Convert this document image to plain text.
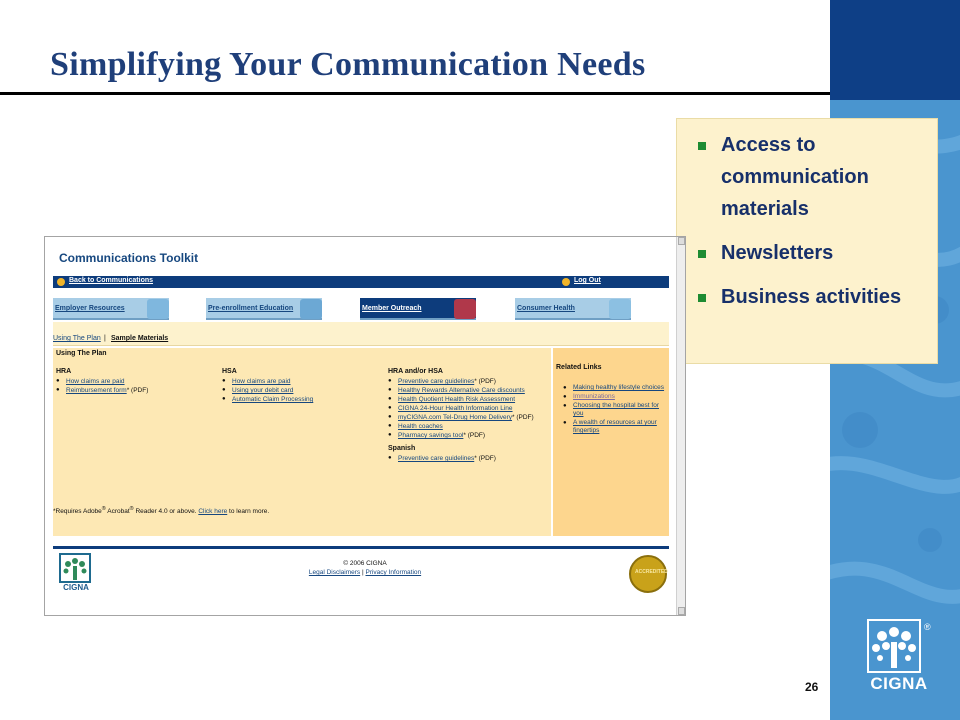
Simplifying Your Communication Needs
®
CIGNA
26
Access to communication materials
Newsletters
Business activities
Communications Toolkit
Back to Communications	Log Out
Employer Resources	Pre-enrollment Education	Member Outreach	Consumer Health
Using The Plan | Sample Materials
Using The Plan
HRA
● How claims are paid
● Reimbursement form* (PDF)
HSA
● How claims are paid
● Using your debit card
● Automatic Claim Processing
HRA and/or HSA
● Preventive care guidelines* (PDF)
● Healthy Rewards Alternative Care discounts
● Health Quotient Health Risk Assessment
● CIGNA 24-Hour Health Information Line
● myCIGNA.com Tel-Drug Home Delivery* (PDF)
● Health coaches
● Pharmacy savings tool* (PDF)
Spanish
● Preventive care guidelines* (PDF)
*Requires Adobe® Acrobat® Reader 4.0 or above. Click here to learn more.
Related Links
● Making healthy lifestyle choices
● Immunizations
● Choosing the hospital best for you
● A wealth of resources at your fingertips
CIGNA
© 2006 CIGNA
Legal Disclaimers | Privacy Information	ACCREDITED
